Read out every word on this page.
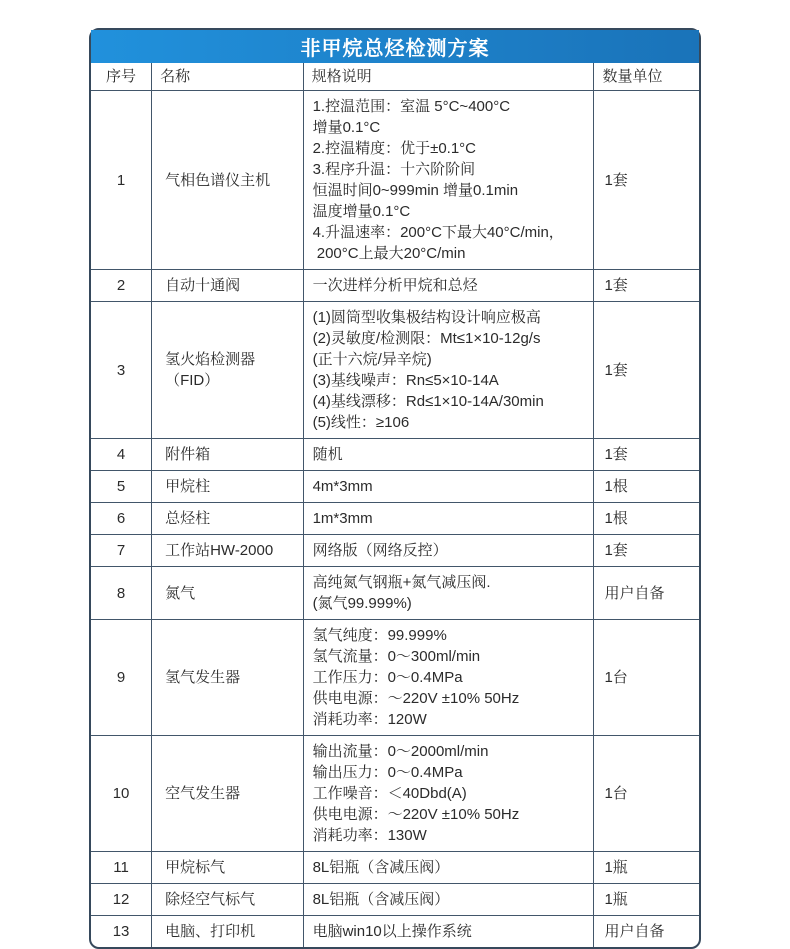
非甲烷总烃检测方案
序号	名称	规格说明	数量单位
1	气相色谱仪主机	1.控温范围：室温 5°C~400°C
增量0.1°C
2.控温精度：优于±0.1°C
3.程序升温：十六阶阶间
恒温时间0~999min 增量0.1min
温度增量0.1°C
4.升温速率：200°C下最大40°C/min，
200°C上最大20°C/min	1套
2	自动十通阀	一次进样分析甲烷和总烃	1套
3	氢火焰检测器（FID）	(1)圆筒型收集极结构设计响应极高
(2)灵敏度/检测限：Mt≤1×10-12g/s
(正十六烷/异辛烷)
(3)基线噪声：Rn≤5×10-14A
(4)基线漂移：Rd≤1×10-14A/30min
(5)线性：≥106	1套
4	附件箱	随机	1套
5	甲烷柱	4m*3mm	1根
6	总烃柱	1m*3mm	1根
7	工作站HW-2000	网络版（网络反控）	1套
8	氮气	高纯氮气钢瓶+氮气减压阀.
(氮气99.999%)	用户自备
9	氢气发生器	氢气纯度：99.999%
氢气流量：0～300ml/min
工作压力：0～0.4MPa
供电电源：～220V ±10% 50Hz
消耗功率：120W	1台
10	空气发生器	输出流量：0～2000ml/min
输出压力：0～0.4MPa
工作噪音：＜40Dbd(A)
供电电源：～220V ±10% 50Hz
消耗功率：130W	1台
11	甲烷标气	8L铝瓶（含减压阀）	1瓶
12	除烃空气标气	8L铝瓶（含减压阀）	1瓶
13	电脑、打印机	电脑win10以上操作系统	用户自备
